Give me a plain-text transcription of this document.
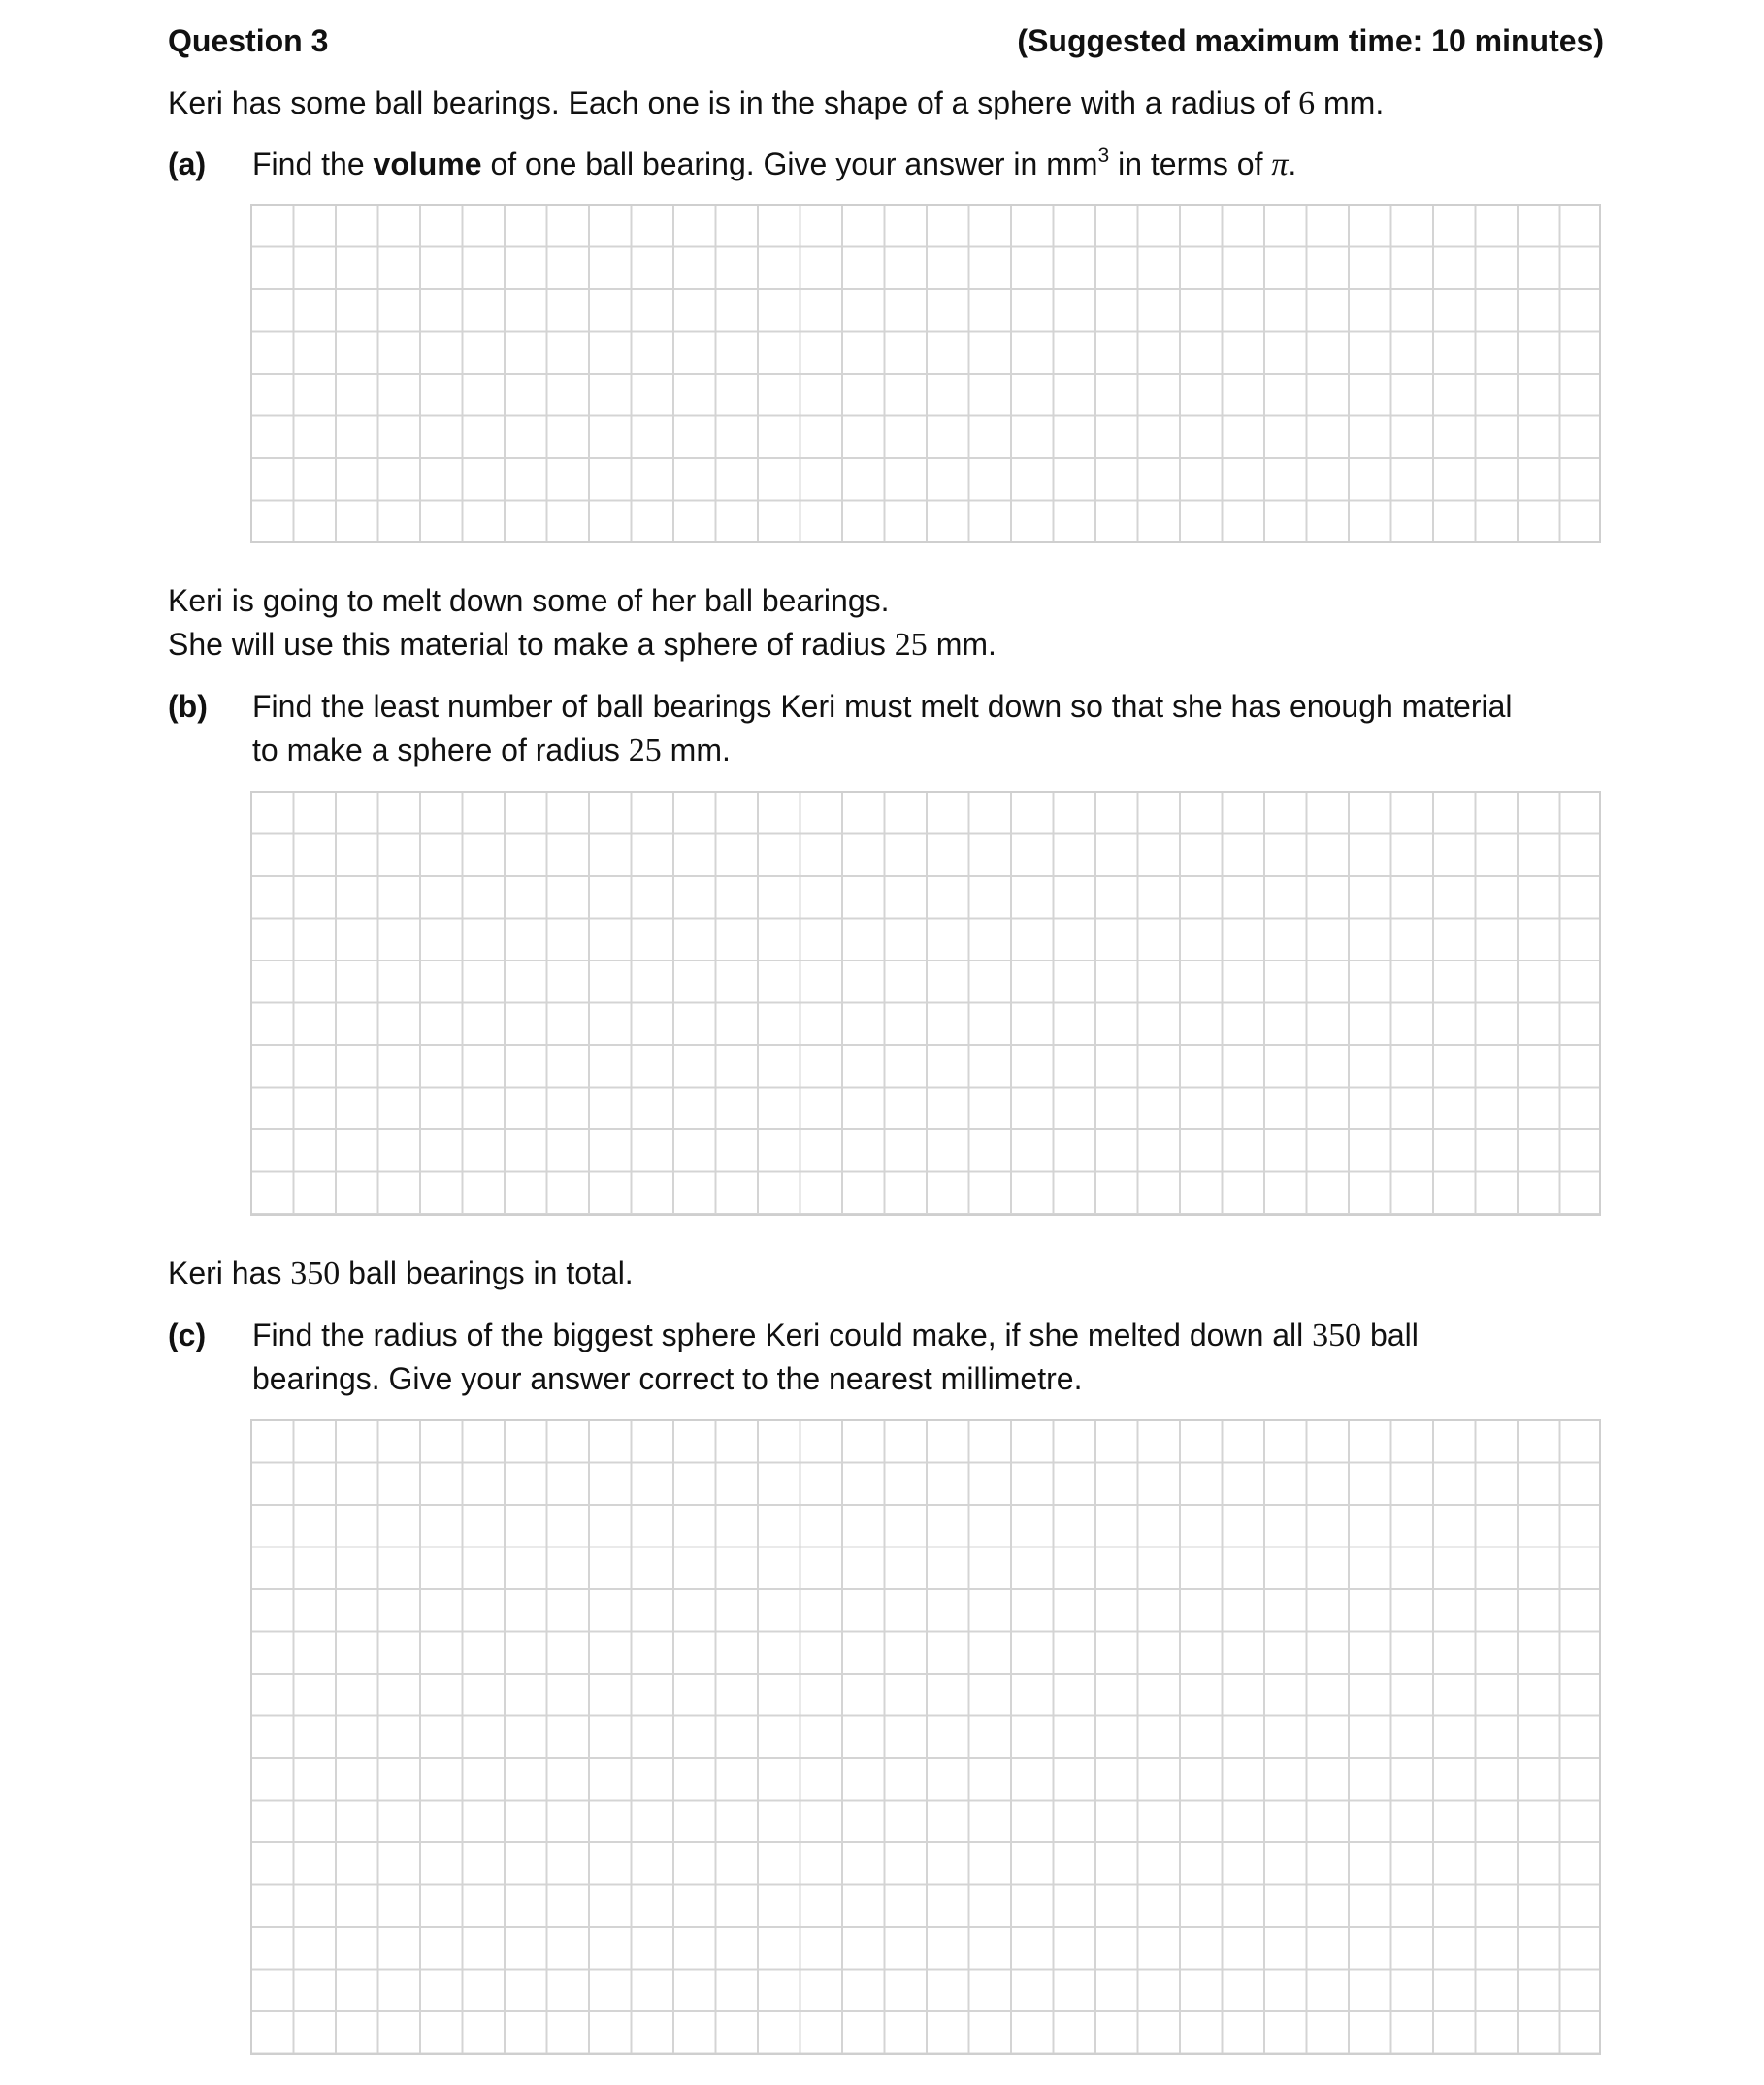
Question 3	(Suggested maximum time: 10 minutes)
Keri has some ball bearings. Each one is in the shape of a sphere with a radius of 6 mm.
(a) Find the volume of one ball bearing. Give your answer in $mm^3$ in terms of π.
Keri is going to melt down some of her ball bearings.
She will use this material to make a sphere of radius 25 mm.
(b) Find the least number of ball bearings Keri must melt down so that she has enough material
to make a sphere of radius 25 mm.
Keri has 350 ball bearings in total.
(c) Find the radius of the biggest sphere Keri could make, if she melted down all 350 ball
bearings. Give your answer correct to the nearest millimetre.
